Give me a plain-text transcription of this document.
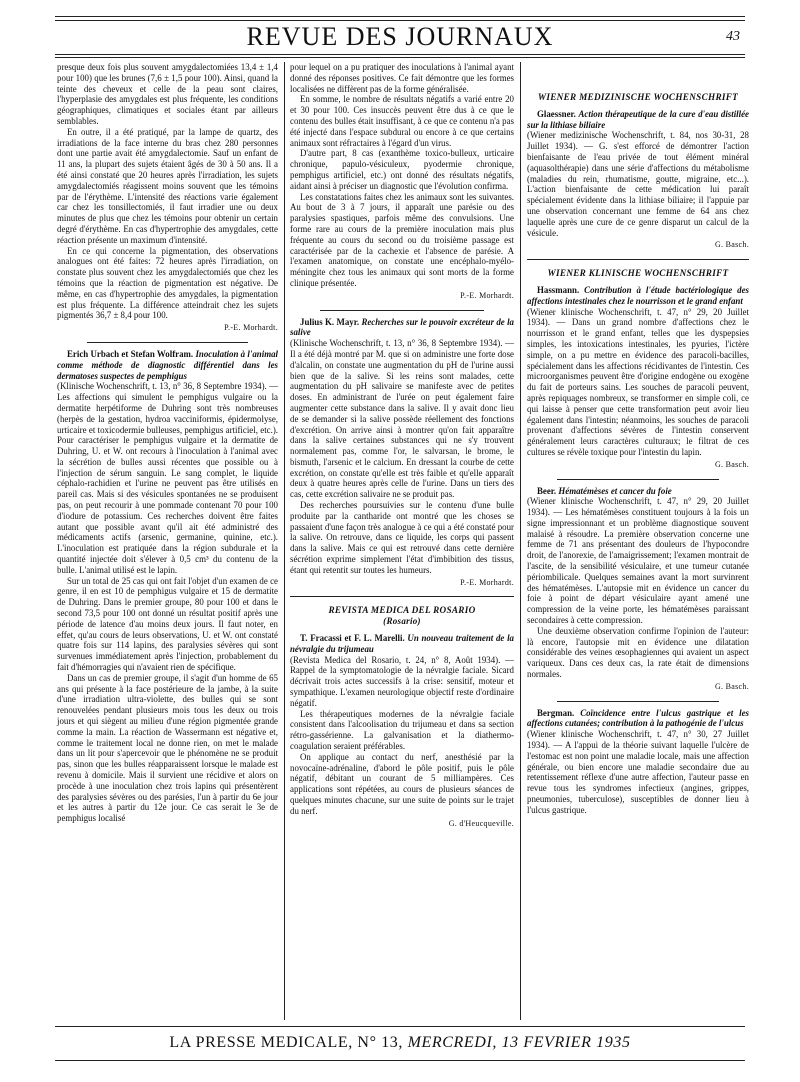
REVUE DES JOURNAUX	43

presque deux fois plus souvent amygdalectomiées 13,4 ± 1,4 pour 100) que les brunes (7,6 ± 1,5 pour 100). Ainsi, quand la teinte des cheveux et celle de la peau sont claires, l'hyperplasie des amygdales est plus fréquente, les conditions géographiques, climatiques et sociales étant par ailleurs semblables.

En outre, il a été pratiqué, par la lampe de quartz, des irradiations de la face interne du bras chez 280 personnes dont une partie avait été amygdalectomie. Sauf un enfant de 11 ans, la plupart des sujets étaient âgés de 30 à 50 ans. Il a été ainsi constaté que 20 heures après l'irradiation, les sujets amygdalectomiés réagissent moins souvent que les témoins par de l'érythème. L'intensité des réactions varie également car chez les tonsillectomiés, il faut irradier une ou deux minutes de plus que chez les témoins pour obtenir un certain degré d'érythème. En cas d'hypertrophie des amygdales, cette réaction présente un maximum d'intensité.

En ce qui concerne la pigmentation, des observations analogues ont été faites: 72 heures après l'irradiation, on constate plus souvent chez les amygdalectomiés que chez les témoins que la réaction de pigmentation est négative. De même, en cas d'hypertrophie des amygdales, la pigmentation est plus fréquente. La différence atteindrait chez les sujets pigmentés 36,7 ± 8,4 pour 100.

P.-E. Morhardt.

Erich Urbach et Stefan Wolfram. Inoculation à l'animal comme méthode de diagnostic différentiel dans les dermatoses suspectes de pemphigus

(Klinische Wochenschrift, t. 13, n° 36, 8 Septembre 1934). — Les affections qui simulent le pemphigus vulgaire ou la dermatite herpétiforme de Duhring sont très nombreuses (herpès de la gestation, hydroa vacciniformis, épidermolyse, urticaire et toxicodermie bulleuses, pemphigus artificiel, etc.). Pour caractériser le pemphigus vulgaire et la dermatite de Duhring, U. et W. ont recours à l'inoculation à l'animal avec la sécrétion de bulles aussi récentes que possible ou à l'injection de sérum sanguin. Le sang complet, le liquide céphalo-rachidien et l'urine ne peuvent pas être utilisés en pareil cas. Mais si des vésicules spontanées ne se produisent pas, on peut recourir à une pommade contenant 70 pour 100 d'iodure de potassium. Ces recherches doivent être faites autant que possible avant qu'il ait été administré des médicaments actifs (arsenic, germanine, quinine, etc.). L'inoculation est pratiquée dans la région subdurale et la quantité injectée doit s'élever à 0,5 cm³ du contenu de la bulle. L'animal utilisé est le lapin.

Sur un total de 25 cas qui ont fait l'objet d'un examen de ce genre, il en est 10 de pemphigus vulgaire et 15 de dermatite de Duhring. Dans le premier groupe, 80 pour 100 et dans le second 73,5 pour 100 ont donné un résultat positif après une période de latence d'au moins deux jours. Il faut noter, en effet, qu'au cours de leurs observations, U. et W. ont constaté quatre fois sur 114 lapins, des paralysies sévères qui sont survenues immédiatement après l'injection, probablement du fait d'hémorragies qui n'avaient rien de spécifique.

Dans un cas de premier groupe, il s'agit d'un homme de 65 ans qui présente à la face postérieure de la jambe, à la suite d'une irradiation ultra-violette, des bulles qui se sont renouvelées pendant plusieurs mois tous les deux ou trois jours et qui siègent au milieu d'une région pigmentée grande comme la main. La réaction de Wassermann est négative et, comme le traitement local ne donne rien, on met le malade dans un lit pour s'apercevoir que le phénomène ne se produit pas, sinon que les bulles réapparaissent lorsque le malade est revenu à domicile. Mais il survient une récidive et alors on procède à une inoculation chez trois lapins qui présentèrent des paralysies sévères ou des parésies, l'un à partir du 6e jour et les autres à partir du 12e jour. Ce cas serait le 3e de pemphigus localisé

pour lequel on a pu pratiquer des inoculations à l'animal ayant donné des réponses positives. Ce fait démontre que les formes localisées ne diffèrent pas de la forme généralisée.

En somme, le nombre de résultats négatifs a varié entre 20 et 30 pour 100. Ces insuccès peuvent être dus à ce que le contenu des bulles était insuffisant, à ce que ce contenu n'a pas été injecté dans l'espace subdural ou encore à ce que certains animaux sont réfractaires à l'égard d'un virus.

D'autre part, 8 cas (exanthème toxico-bulleux, urticaire chronique, papulo-vésiculeux, pyodermie chronique, pemphigus artificiel, etc.) ont donné des résultats négatifs, aidant ainsi à préciser un diagnostic que l'évolution confirma.

Les constatations faites chez les animaux sont les suivantes. Au bout de 3 à 7 jours, il apparaît une parésie ou des paralysies spastiques, parfois même des convulsions. Une forme rare au cours de la première inoculation mais plus fréquente au cours du second ou du troisième passage est caractérisée par de la cachexie et l'absence de parésie. A l'examen anatomique, on constate une encéphalo-myélo-méningite chez tous les animaux qui sont morts de la forme clinique présentée.

P.-E. Morhardt.

Julius K. Mayr. Recherches sur le pouvoir excréteur de la salive

(Klinische Wochenschrift, t. 13, n° 36, 8 Septembre 1934). — Il a été déjà montré par M. que si on administre une forte dose d'alcalin, on constate une augmentation du pH de l'urine aussi bien que de la salive. Si les reins sont malades, cette augmentation du pH salivaire se manifeste avec de petites doses. En administrant de l'urée on peut également faire augmenter cette substance dans la salive. Il y avait donc lieu de se demander si la salive possède réellement des fonctions d'excrétion. On arrive ainsi à montrer qu'on fait apparaître dans la salive certaines substances qui ne s'y trouvent normalement pas, comme l'or, le salvarsan, le brome, le bismuth, l'arsenic et le calcium. En dressant la courbe de cette excrétion, on constate qu'elle est très faible et qu'elle apparaît deux à quatre heures après celle de l'urine. Dans un tiers des cas, cette excrétion salivaire ne se produit pas.

Des recherches poursuivies sur le contenu d'une bulle produite par la cantharide ont montré que les choses se passaient d'une façon très analogue à ce qui a été constaté pour la salive. On retrouve, dans ce liquide, les corps qui passent dans la salive. Mais ce qui est retrouvé dans cette dernière sécrétion exprime simplement l'état d'imbibition des tissus, étant qui retentit sur toutes les humeurs.

P.-E. Morhardt.
REVISTA MEDICA DEL ROSARIO
(Rosario)

T. Fracassi et F. L. Marelli. Un nouveau traitement de la névralgie du trijumeau

(Revista Medica del Rosario, t. 24, n° 8, Août 1934). — Rappel de la symptomatologie de la névralgie faciale. Sicard décrivait trois actes successifs à la crise: sensitif, moteur et sympathique. L'examen neurologique objectif reste d'ordinaire négatif.

Les thérapeutiques modernes de la névralgie faciale consistent dans l'alcoolisation du trijumeau et dans sa section rétro-gassérienne. La galvanisation et la diathermo-coagulation seraient préférables.

On applique au contact du nerf, anesthésié par la novocaïne-adrénaline, d'abord le pôle positif, puis le pôle négatif, débitant un courant de 5 milliampères. Ces applications sont répétées, au cours de plusieurs séances de quelques minutes chacune, sur une suite de points sur le trajet du nerf.

G. d'Heucqueville.
WIENER MEDIZINISCHE WOCHENSCHRIFT

Glaessner. Action thérapeutique de la cure d'eau distillée sur la lithiase biliaire

(Wiener medizinische Wochenschrift, t. 84, nos 30-31, 28 Juillet 1934). — G. s'est efforcé de démontrer l'action bienfaisante de l'eau privée de tout élément minéral (aquasolthérapie) dans une série d'affections du métabolisme (maladies du rein, rhumatisme, goutte, migraine, etc...). L'action bienfaisante de cette médication lui paraît spécialement évidente dans la lithiase biliaire; il l'appuie par une observation concernant une femme de 64 ans chez laquelle après une cure de ce genre disparut un calcul de la vésicule.

G. Basch.
WIENER KLINISCHE WOCHENSCHRIFT

Hassmann. Contribution à l'étude bactériologique des affections intestinales chez le nourrisson et le grand enfant

(Wiener klinische Wochenschrift, t. 47, n° 29, 20 Juillet 1934). — Dans un grand nombre d'affections chez le nourrisson et le grand enfant, telles que les dyspepsies simples, les intoxications intestinales, les pyuries, l'ictère simple, on a pu mettre en évidence des paracoli-bacilles, spécialement dans les affections récidivantes de l'intestin. Ces microorganismes peuvent être d'origine endogène ou exogène du fait de porteurs sains. Les souches de paracoli peuvent, après repiquages nombreux, se transformer en simple coli, ce qui laisse à penser que cette transformation peut avoir lieu également dans l'intestin; néanmoins, les souches de paracoli provenant d'affections sévères de l'intestin conservent généralement leurs caractères culturaux; le filtrat de ces cultures se révèle toxique pour l'intestin du lapin.

G. Basch.

Beer. Hématémèses et cancer du foie

(Wiener klinische Wochenschrift, t. 47, n° 29, 20 Juillet 1934). — Les hématémèses constituent toujours à la fois un signe impressionnant et un problème diagnostique souvent malaisé à résoudre. La première observation concerne une femme de 71 ans présentant des douleurs de l'hypocondre droit, de l'anorexie, de l'amaigrissement; l'examen montrait de l'ascite, de la sensibilité vésiculaire, et une tumeur cutanée périombilicale. Quelques semaines avant la mort survinrent des hématémèses. L'autopsie mit en évidence un cancer du foie à point de départ vésiculaire ayant amené une compression de la veine porte, les hématémèses paraissant secondaires à cette compression.

Une deuxième observation confirme l'opinion de l'auteur: là encore, l'autopsie mit en évidence une dilatation considérable des veines œsophagiennes qui avaient un aspect variqueux. Dans ces deux cas, la rate était de dimensions normales.

G. Basch.

Bergman. Coïncidence entre l'ulcus gastrique et les affections cutanées; contribution à la pathogénie de l'ulcus

(Wiener klinische Wochenschrift, t. 47, n° 30, 27 Juillet 1934). — A l'appui de la théorie suivant laquelle l'ulcère de l'estomac est non point une maladie locale, mais une affection générale, ou bien encore une maladie secondaire due au retentissement réflexe d'une autre affection, l'auteur passe en revue tous les syndromes infectieux (angines, grippes, pneumonies, tuberculose), susceptibles de donner lieu à l'ulcus gastrique.

LA PRESSE MEDICALE, N° 13, MERCREDI, 13 FEVRIER 1935
